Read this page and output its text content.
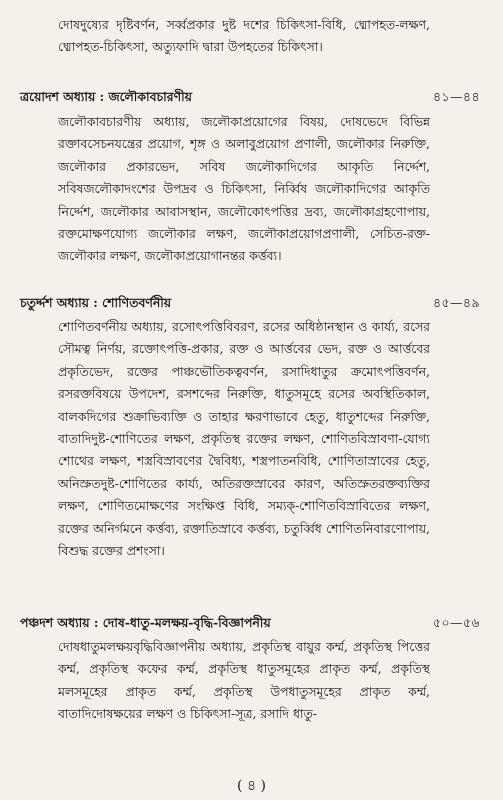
দোষদুষ্যের দৃষ্টিবর্ণন, সর্ব্বপ্রকার দুষ্ট দশের চিকিৎসা-বিধি, ধ্মোপহত-লক্ষণ, ধ্মোপহত-চিকিৎসা, অত্যুফাদি দ্বারা উপহতের চিকিৎসা।
ত্রয়োদশ অধ্যায় : জলৌকাবচারণীয়	৪১—৪৪
জলৌকাবচারণীয় অধ্যায়, জলৌকাপ্রয়োগের বিষয়, দোষভেদে বিভিন্ন রক্তাবসেচনযন্ত্রের প্রয়োগ, শৃঙ্গ ও অলাবুপ্রয়োগ প্রণালী, জলৌকার নিরুক্তি, জলৌকার প্রকারভেদ, সবিষ জলৌকাদিগের আকৃতি নির্দ্দেশ, সবিষজলৌকাদংশের উপদ্রব ও চিকিৎসা, নির্ব্বিষ জলৌকাদিগের আকৃতি নির্দ্দেশ, জলৌকার আবাসস্থান, জলৌকোৎপত্তির দ্রব্য, জলৌকাগ্রহণোপায়, রক্তমোক্ষণযোগ্য জলৌকার লক্ষণ, জলৌকাপ্রয়োগপ্রণালী, সেচিত-রক্ত-জলৌকার লক্ষণ, জলৌকাপ্রয়োগানন্তর কর্ত্তব্য।
চতুর্দ্দশ অধ্যায় : শোণিতবর্ণনীয়	৪৫—৪৯
শোণিতবর্ণনীয় অধ্যায়, রসোৎপত্তিবিবরণ, রসের অধিষ্ঠানস্থান ও কার্য্য, রসের সৌমত্ব নির্ণয়, রক্তোৎপত্তি-প্রকার, রক্ত ও আর্ত্তবের ভেদ, রক্ত ও আর্ত্তবের প্রকৃতিভেদ, রক্তের পাঞ্চভৌতিকত্ববর্ণন, রসাদিধাতুর ক্রমোৎপত্তিবর্ণন, রসরক্তবিষয়ে উপদেশ, রসশব্দের নিরুক্তি, ধাতুসমূহে রসের অবস্থিতিকাল, বালকদিগের শুক্রাভিব্যক্তি ও তাহার ক্ষরণাভাবে হেতু, ধাতুশব্দের নিরুক্তি, বাতাদিদুষ্ট-শোণিতের লক্ষণ, প্রকৃতিস্থ রক্তের লক্ষণ, শোণিতবিস্রাবণা-যোগ্য শোথের লক্ষণ, শস্ত্রবিস্রাবণের দ্বৈবিধ্য, শস্ত্রপাতনবিধি, শোণিতাস্রাবের হেতু, অনিস্রুতদুষ্ট-শোণিতের কার্য্য, অতিরক্তস্রাবের কারণ, অতিস্রুতরক্তব্যক্তির লক্ষণ, শোণিতমোক্ষণের সংক্ষিপ্ত বিধি, সম্যক্-শোণিতবিস্রাবিতের লক্ষণ, রক্তের অনির্গমনে কর্ত্তব্য, রক্তাতিস্রাবে কর্ত্তব্য, চতুর্ব্বিধ শোণিতনিবারণোপায়, বিশুদ্ধ রক্তের প্রশংসা।
পঞ্চদশ অধ্যায় : দোষ-ধাতু-মলক্ষয়-বৃদ্ধি-বিজ্ঞাপনীয়	৫০—৫৬
দোষধাতুমলক্ষয়বৃদ্ধিবিজ্ঞাপনীয় অধ্যায়, প্রকৃতিস্থ বায়ুর কর্ম্ম, প্রকৃতিস্থ পিত্তের কর্ম্ম, প্রকৃতিস্থ কফের কর্ম্ম, প্রকৃতিস্থ ধাতুসমূহের প্রাকৃত কর্ম্ম, প্রকৃতিস্থ মলসমূহের প্রাকৃত কর্ম্ম, প্রকৃতিস্থ উপধাতুসমূহের প্রাকৃত কর্ম্ম, বাতাদিদোষক্ষয়ের লক্ষণ ও চিকিৎসা-সূত্র, রসাদি ধাতু-
( ৪ )
